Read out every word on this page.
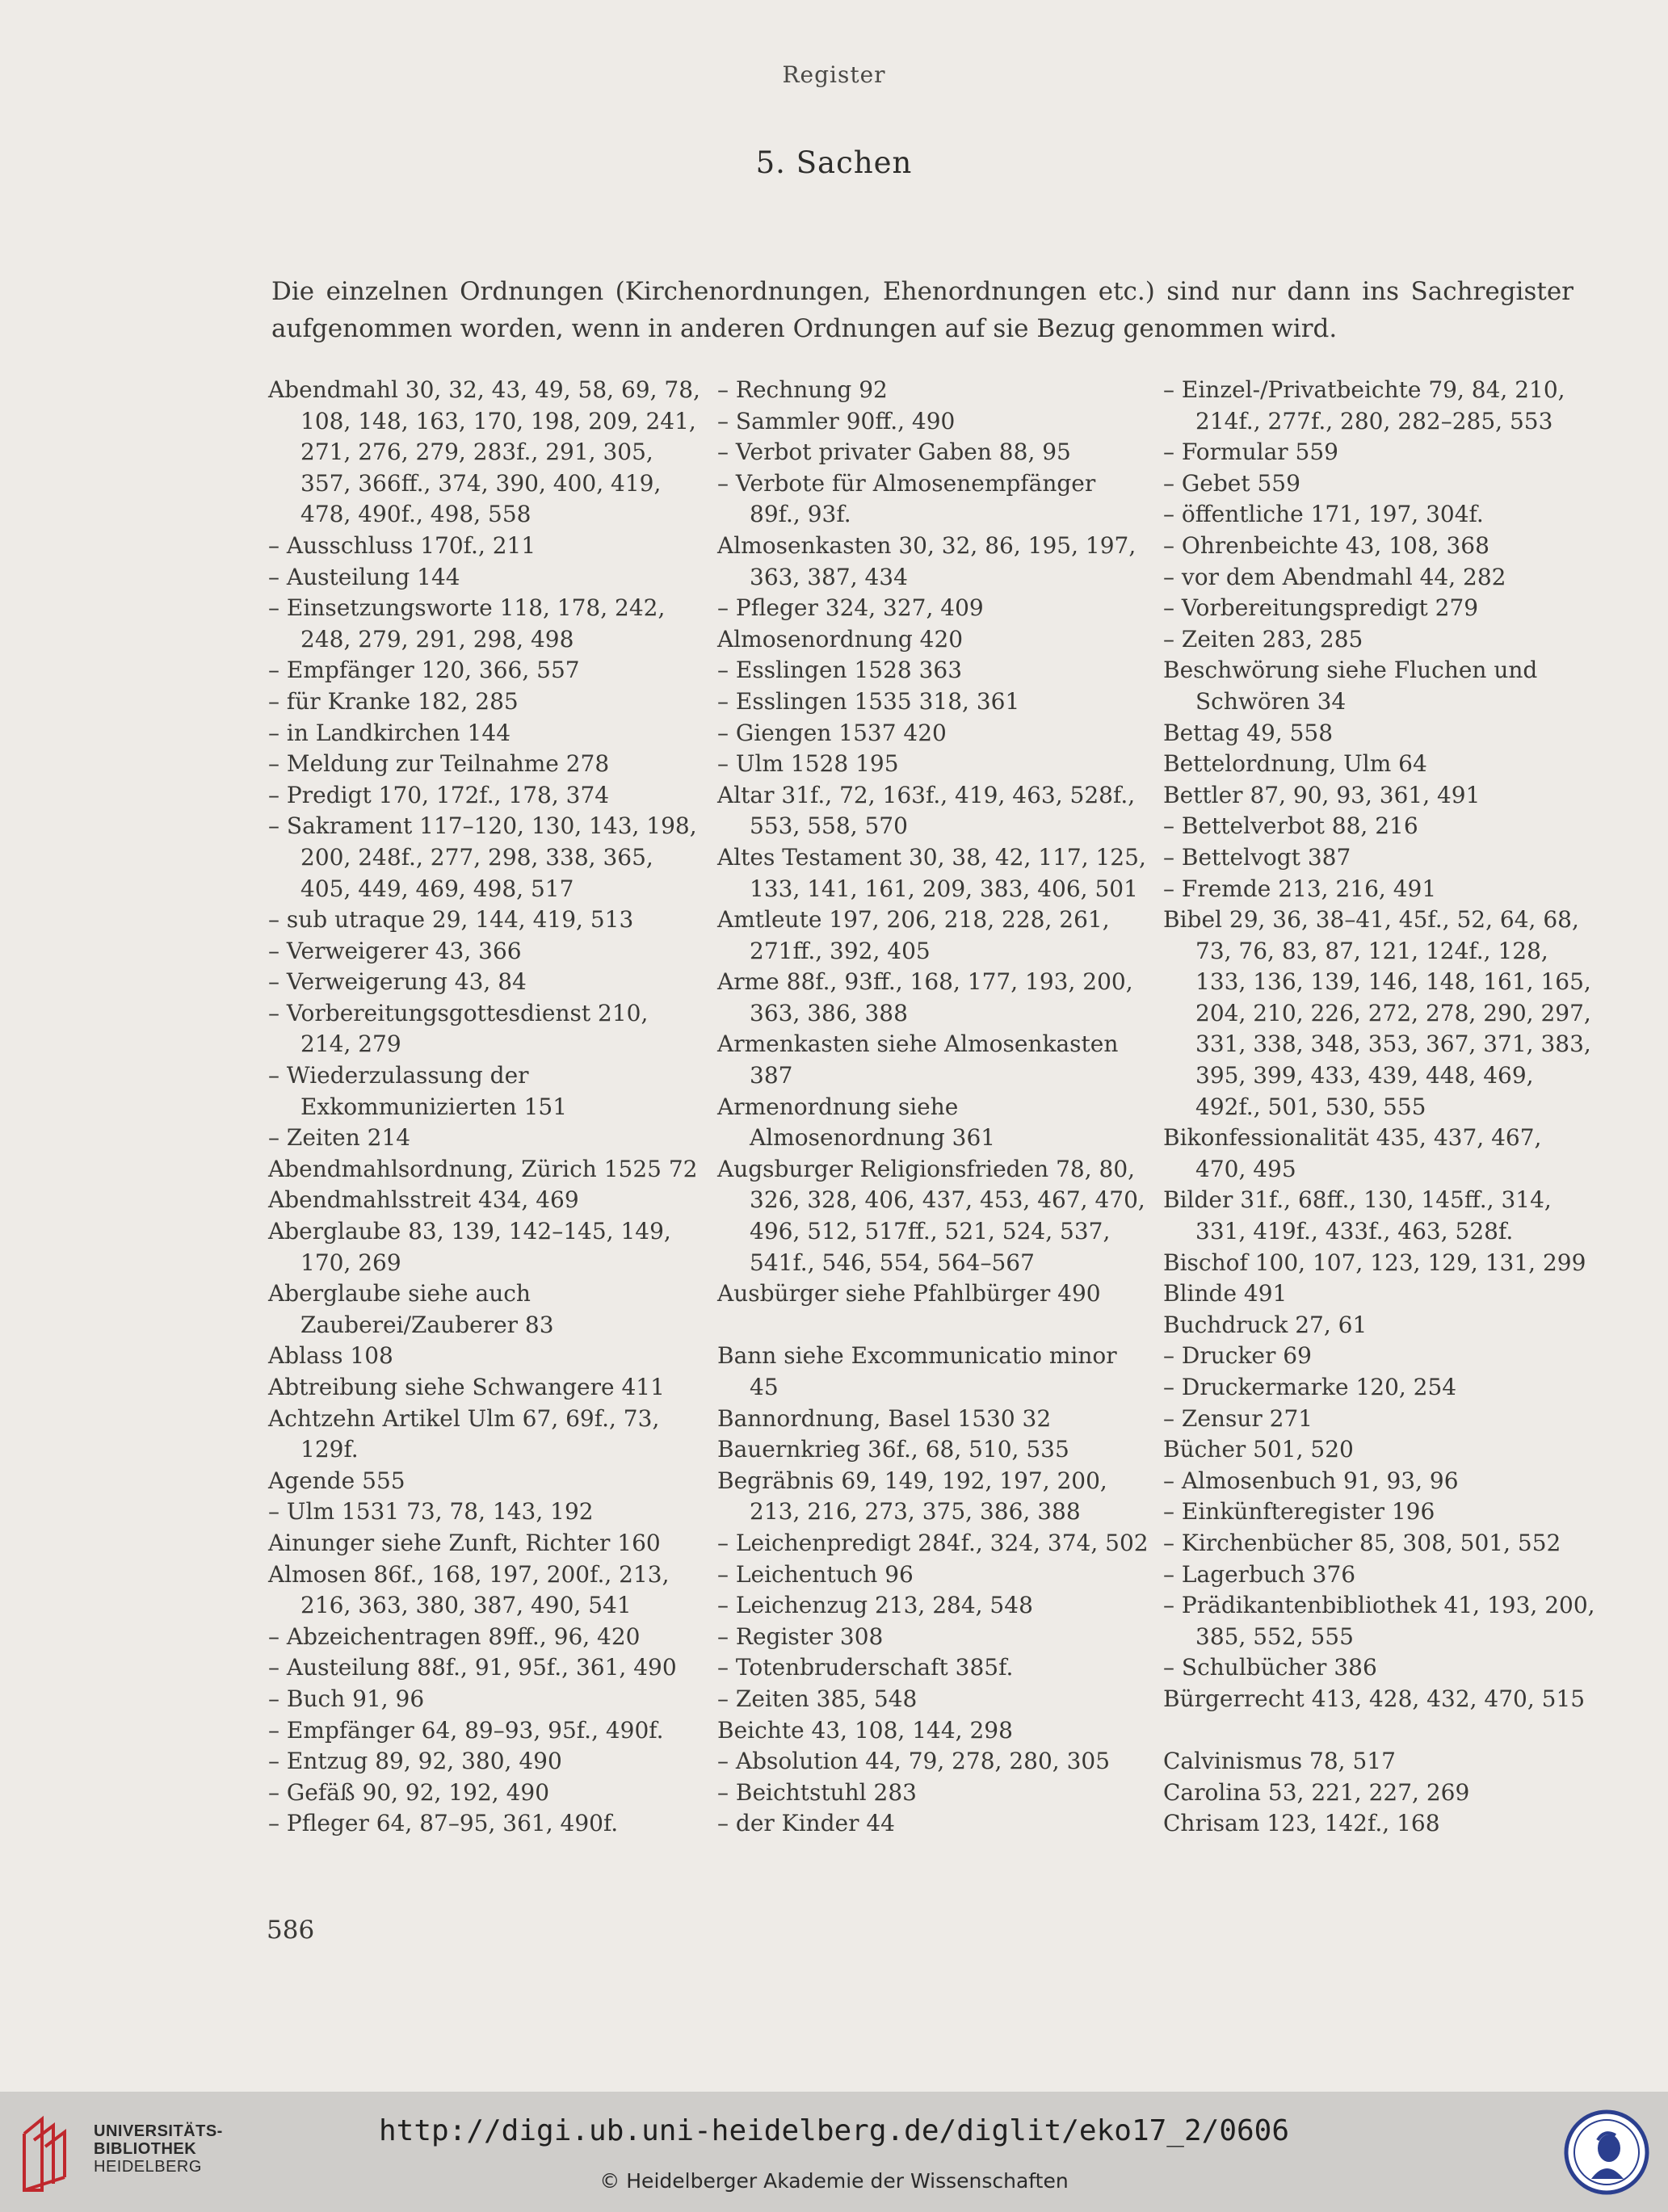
Register
5. Sachen
Die einzelnen Ordnungen (Kirchenordnungen, Ehenordnungen etc.) sind nur dann ins Sachregister aufgenommen worden, wenn in anderen Ordnungen auf sie Bezug genommen wird.
Abendmahl 30, 32, 43, 49, 58, 69, 78, 108, 148, 163, 170, 198, 209, 241, 271, 276, 279, 283f., 291, 305, 357, 366ff., 374, 390, 400, 419, 478, 490f., 498, 558
– Ausschluss 170f., 211
– Austeilung 144
– Einsetzungsworte 118, 178, 242, 248, 279, 291, 298, 498
– Empfänger 120, 366, 557
– für Kranke 182, 285
– in Landkirchen 144
– Meldung zur Teilnahme 278
– Predigt 170, 172f., 178, 374
– Sakrament 117–120, 130, 143, 198, 200, 248f., 277, 298, 338, 365, 405, 449, 469, 498, 517
– sub utraque 29, 144, 419, 513
– Verweigerer 43, 366
– Verweigerung 43, 84
– Vorbereitungsgottesdienst 210, 214, 279
– Wiederzulassung der Exkommunizierten 151
– Zeiten 214
Abendmahlsordnung, Zürich 1525 72
Abendmahlsstreit 434, 469
Aberglaube 83, 139, 142–145, 149, 170, 269
Aberglaube siehe auch Zauberei/Zauberer 83
Ablass 108
Abtreibung siehe Schwangere 411
Achtzehn Artikel Ulm 67, 69f., 73, 129f.
Agende 555
– Ulm 1531 73, 78, 143, 192
Ainunger siehe Zunft, Richter 160
Almosen 86f., 168, 197, 200f., 213, 216, 363, 380, 387, 490, 541
– Abzeichentragen 89ff., 96, 420
– Austeilung 88f., 91, 95f., 361, 490
– Buch 91, 96
– Empfänger 64, 89–93, 95f., 490f.
– Entzug 89, 92, 380, 490
– Gefäß 90, 92, 192, 490
– Pfleger 64, 87–95, 361, 490f.
– Rechnung 92
– Sammler 90ff., 490
– Verbot privater Gaben 88, 95
– Verbote für Almosenempfänger 89f., 93f.
Almosenkasten 30, 32, 86, 195, 197, 363, 387, 434
– Pfleger 324, 327, 409
Almosenordnung 420
– Esslingen 1528 363
– Esslingen 1535 318, 361
– Giengen 1537 420
– Ulm 1528 195
Altar 31f., 72, 163f., 419, 463, 528f., 553, 558, 570
Altes Testament 30, 38, 42, 117, 125, 133, 141, 161, 209, 383, 406, 501
Amtleute 197, 206, 218, 228, 261, 271ff., 392, 405
Arme 88f., 93ff., 168, 177, 193, 200, 363, 386, 388
Armenkasten siehe Almosenkasten 387
Armenordnung siehe Almosenordnung 361
Augsburger Religionsfrieden 78, 80, 326, 328, 406, 437, 453, 467, 470, 496, 512, 517ff., 521, 524, 537, 541f., 546, 554, 564–567
Ausbürger siehe Pfahlbürger 490
Bann siehe Excommunicatio minor 45
Bannordnung, Basel 1530 32
Bauernkrieg 36f., 68, 510, 535
Begräbnis 69, 149, 192, 197, 200, 213, 216, 273, 375, 386, 388
– Leichenpredigt 284f., 324, 374, 502
– Leichentuch 96
– Leichenzug 213, 284, 548
– Register 308
– Totenbruderschaft 385f.
– Zeiten 385, 548
Beichte 43, 108, 144, 298
– Absolution 44, 79, 278, 280, 305
– Beichtstuhl 283
– der Kinder 44
– Einzel-/Privatbeichte 79, 84, 210, 214f., 277f., 280, 282–285, 553
– Formular 559
– Gebet 559
– öffentliche 171, 197, 304f.
– Ohrenbeichte 43, 108, 368
– vor dem Abendmahl 44, 282
– Vorbereitungspredigt 279
– Zeiten 283, 285
Beschwörung siehe Fluchen und Schwören 34
Bettag 49, 558
Bettelordnung, Ulm 64
Bettler 87, 90, 93, 361, 491
– Bettelverbot 88, 216
– Bettelvogt 387
– Fremde 213, 216, 491
Bibel 29, 36, 38–41, 45f., 52, 64, 68, 73, 76, 83, 87, 121, 124f., 128, 133, 136, 139, 146, 148, 161, 165, 204, 210, 226, 272, 278, 290, 297, 331, 338, 348, 353, 367, 371, 383, 395, 399, 433, 439, 448, 469, 492f., 501, 530, 555
Bikonfessionalität 435, 437, 467, 470, 495
Bilder 31f., 68ff., 130, 145ff., 314, 331, 419f., 433f., 463, 528f.
Bischof 100, 107, 123, 129, 131, 299
Blinde 491
Buchdruck 27, 61
– Drucker 69
– Druckermarke 120, 254
– Zensur 271
Bücher 501, 520
– Almosenbuch 91, 93, 96
– Einkünfteregister 196
– Kirchenbücher 85, 308, 501, 552
– Lagerbuch 376
– Prädikantenbibliothek 41, 193, 200, 385, 552, 555
– Schulbücher 386
Bürgerrecht 413, 428, 432, 470, 515
Calvinismus 78, 517
Carolina 53, 221, 227, 269
Chrisam 123, 142f., 168
586
UNIVERSITÄTS-
BIBLIOTHEK
HEIDELBERG
http://digi.ub.uni-heidelberg.de/diglit/eko17_2/0606
© Heidelberger Akademie der Wissenschaften
